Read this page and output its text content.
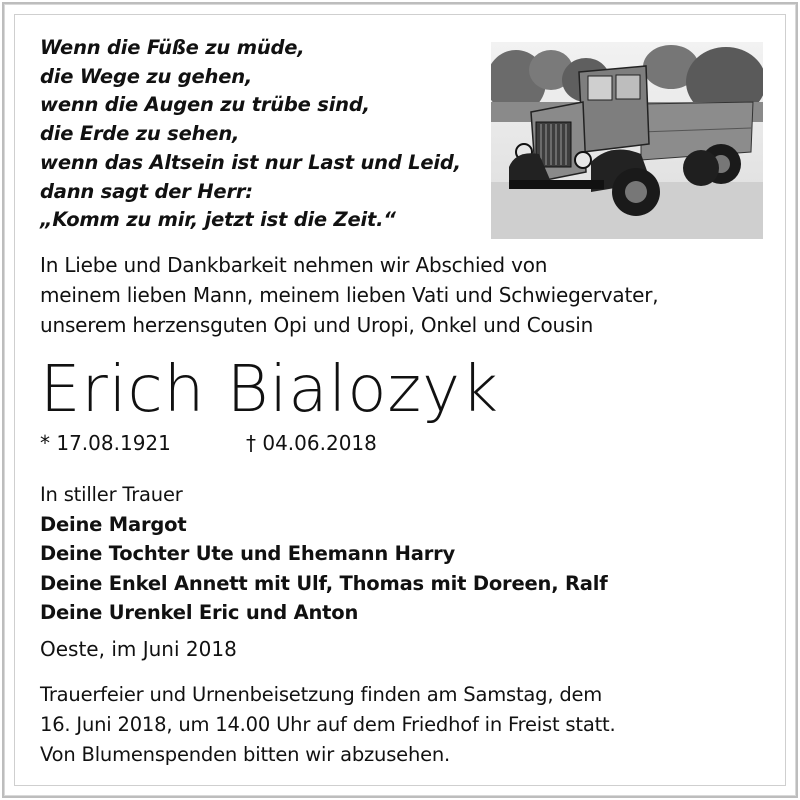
Wenn die Füße zu müde,
die Wege zu gehen,
wenn die Augen zu trübe sind,
die Erde zu sehen,
wenn das Altsein ist nur Last und Leid,
dann sagt der Herr:
„Komm zu mir, jetzt ist die Zeit.“
In Liebe und Dankbarkeit nehmen wir Abschied von
meinem lieben Mann, meinem lieben Vati und Schwiegervater,
unserem herzensguten Opi und Uropi, Onkel und Cousin
Erich Bialozyk
* 17.08.1921	† 04.06.2018
In stiller Trauer
Deine Margot
Deine Tochter Ute und Ehemann Harry
Deine Enkel Annett mit Ulf, Thomas mit Doreen, Ralf
Deine Urenkel Eric und Anton
Oeste, im Juni 2018
Trauerfeier und Urnenbeisetzung finden am Samstag, dem
16. Juni 2018, um 14.00 Uhr auf dem Friedhof in Freist statt.
Von Blumenspenden bitten wir abzusehen.
